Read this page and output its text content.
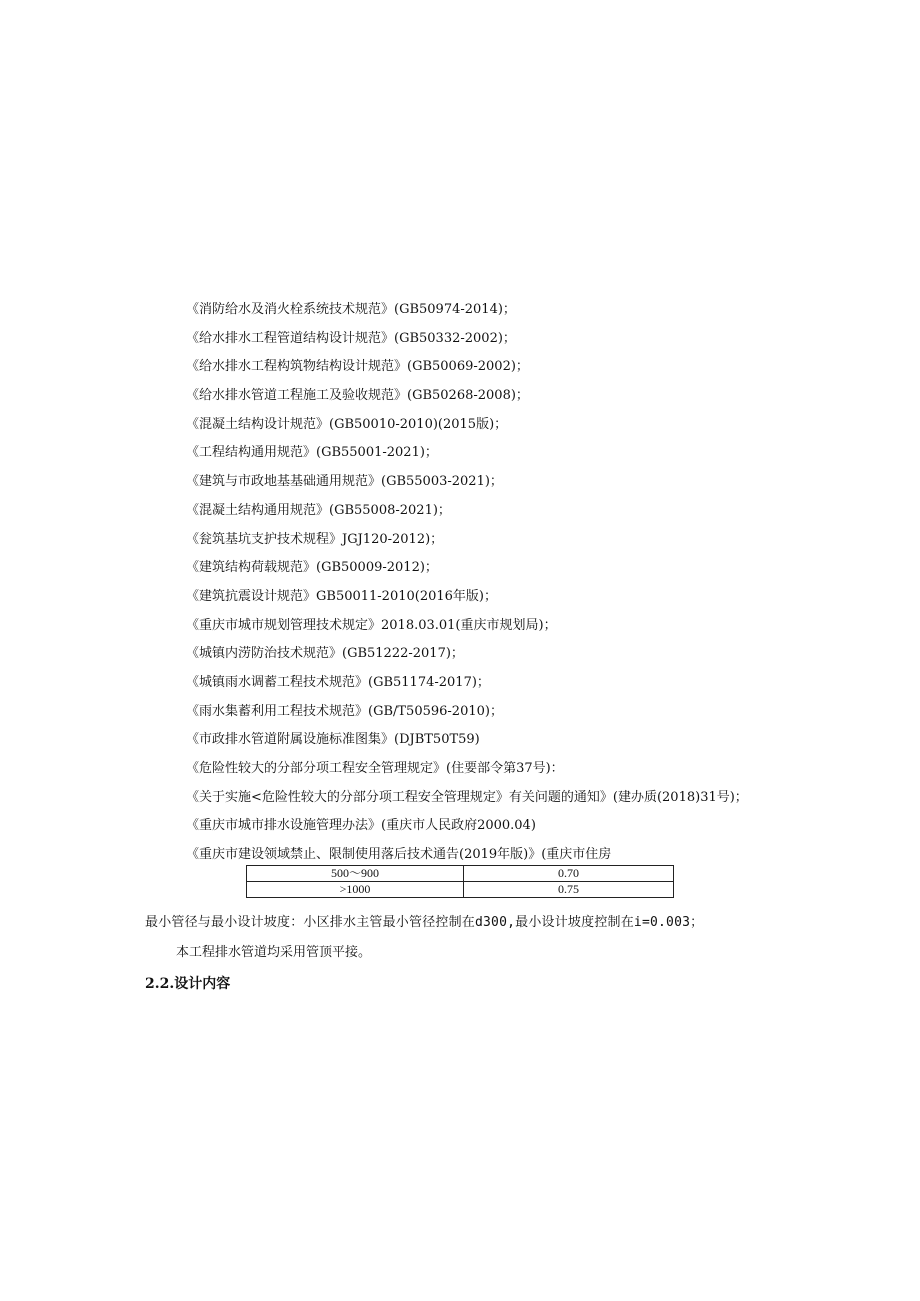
《消防给水及消火栓系统技术规范》(GB50974-2014)；
《给水排水工程管道结构设计规范》(GB50332-2002)；
《给水排水工程构筑物结构设计规范》(GB50069-2002)；
《给水排水管道工程施工及验收规范》(GB50268-2008)；
《混凝土结构设计规范》(GB50010-2010)(2015版)；
《工程结构通用规范》(GB55001-2021)；
《建筑与市政地基基础通用规范》(GB55003-2021)；
《混凝土结构通用规范》(GB55008-2021)；
《瓮筑基坑支护技术规程》JGJ120-2012)；
《建筑结构荷载规范》(GB50009-2012)；
《建筑抗震设计规范》GB50011-2010(2016年版)；
《重庆市城市规划管理技术规定》2018.03.01(重庆市规划局)；
《城镇内涝防治技术规范》(GB51222-2017)；
《城镇雨水调蓄工程技术规范》(GB51174-2017)；
《雨水集蓄利用工程技术规范》(GB/T50596-2010)；
《市政排水管道附属设施标准图集》(DJBT50T59)
《危险性较大的分部分项工程安全管理规定》(住要部令第37号)：
《关于实施<危险性较大的分部分项工程安全管理规定》有关问题的通知》(建办质(2018)31号)；
《重庆市城市排水设施管理办法》(重庆市人民政府2000.04)
《重庆市建设领域禁止、限制使用落后技术通告(2019年版)》(重庆市住房
500～900	0.70
>1000	0.75
最小管径与最小设计坡度：小区排水主管最小管径控制在d300,最小设计坡度控制在i=0.003；
本工程排水管道均采用管顶平接。
2.2.设计内容
